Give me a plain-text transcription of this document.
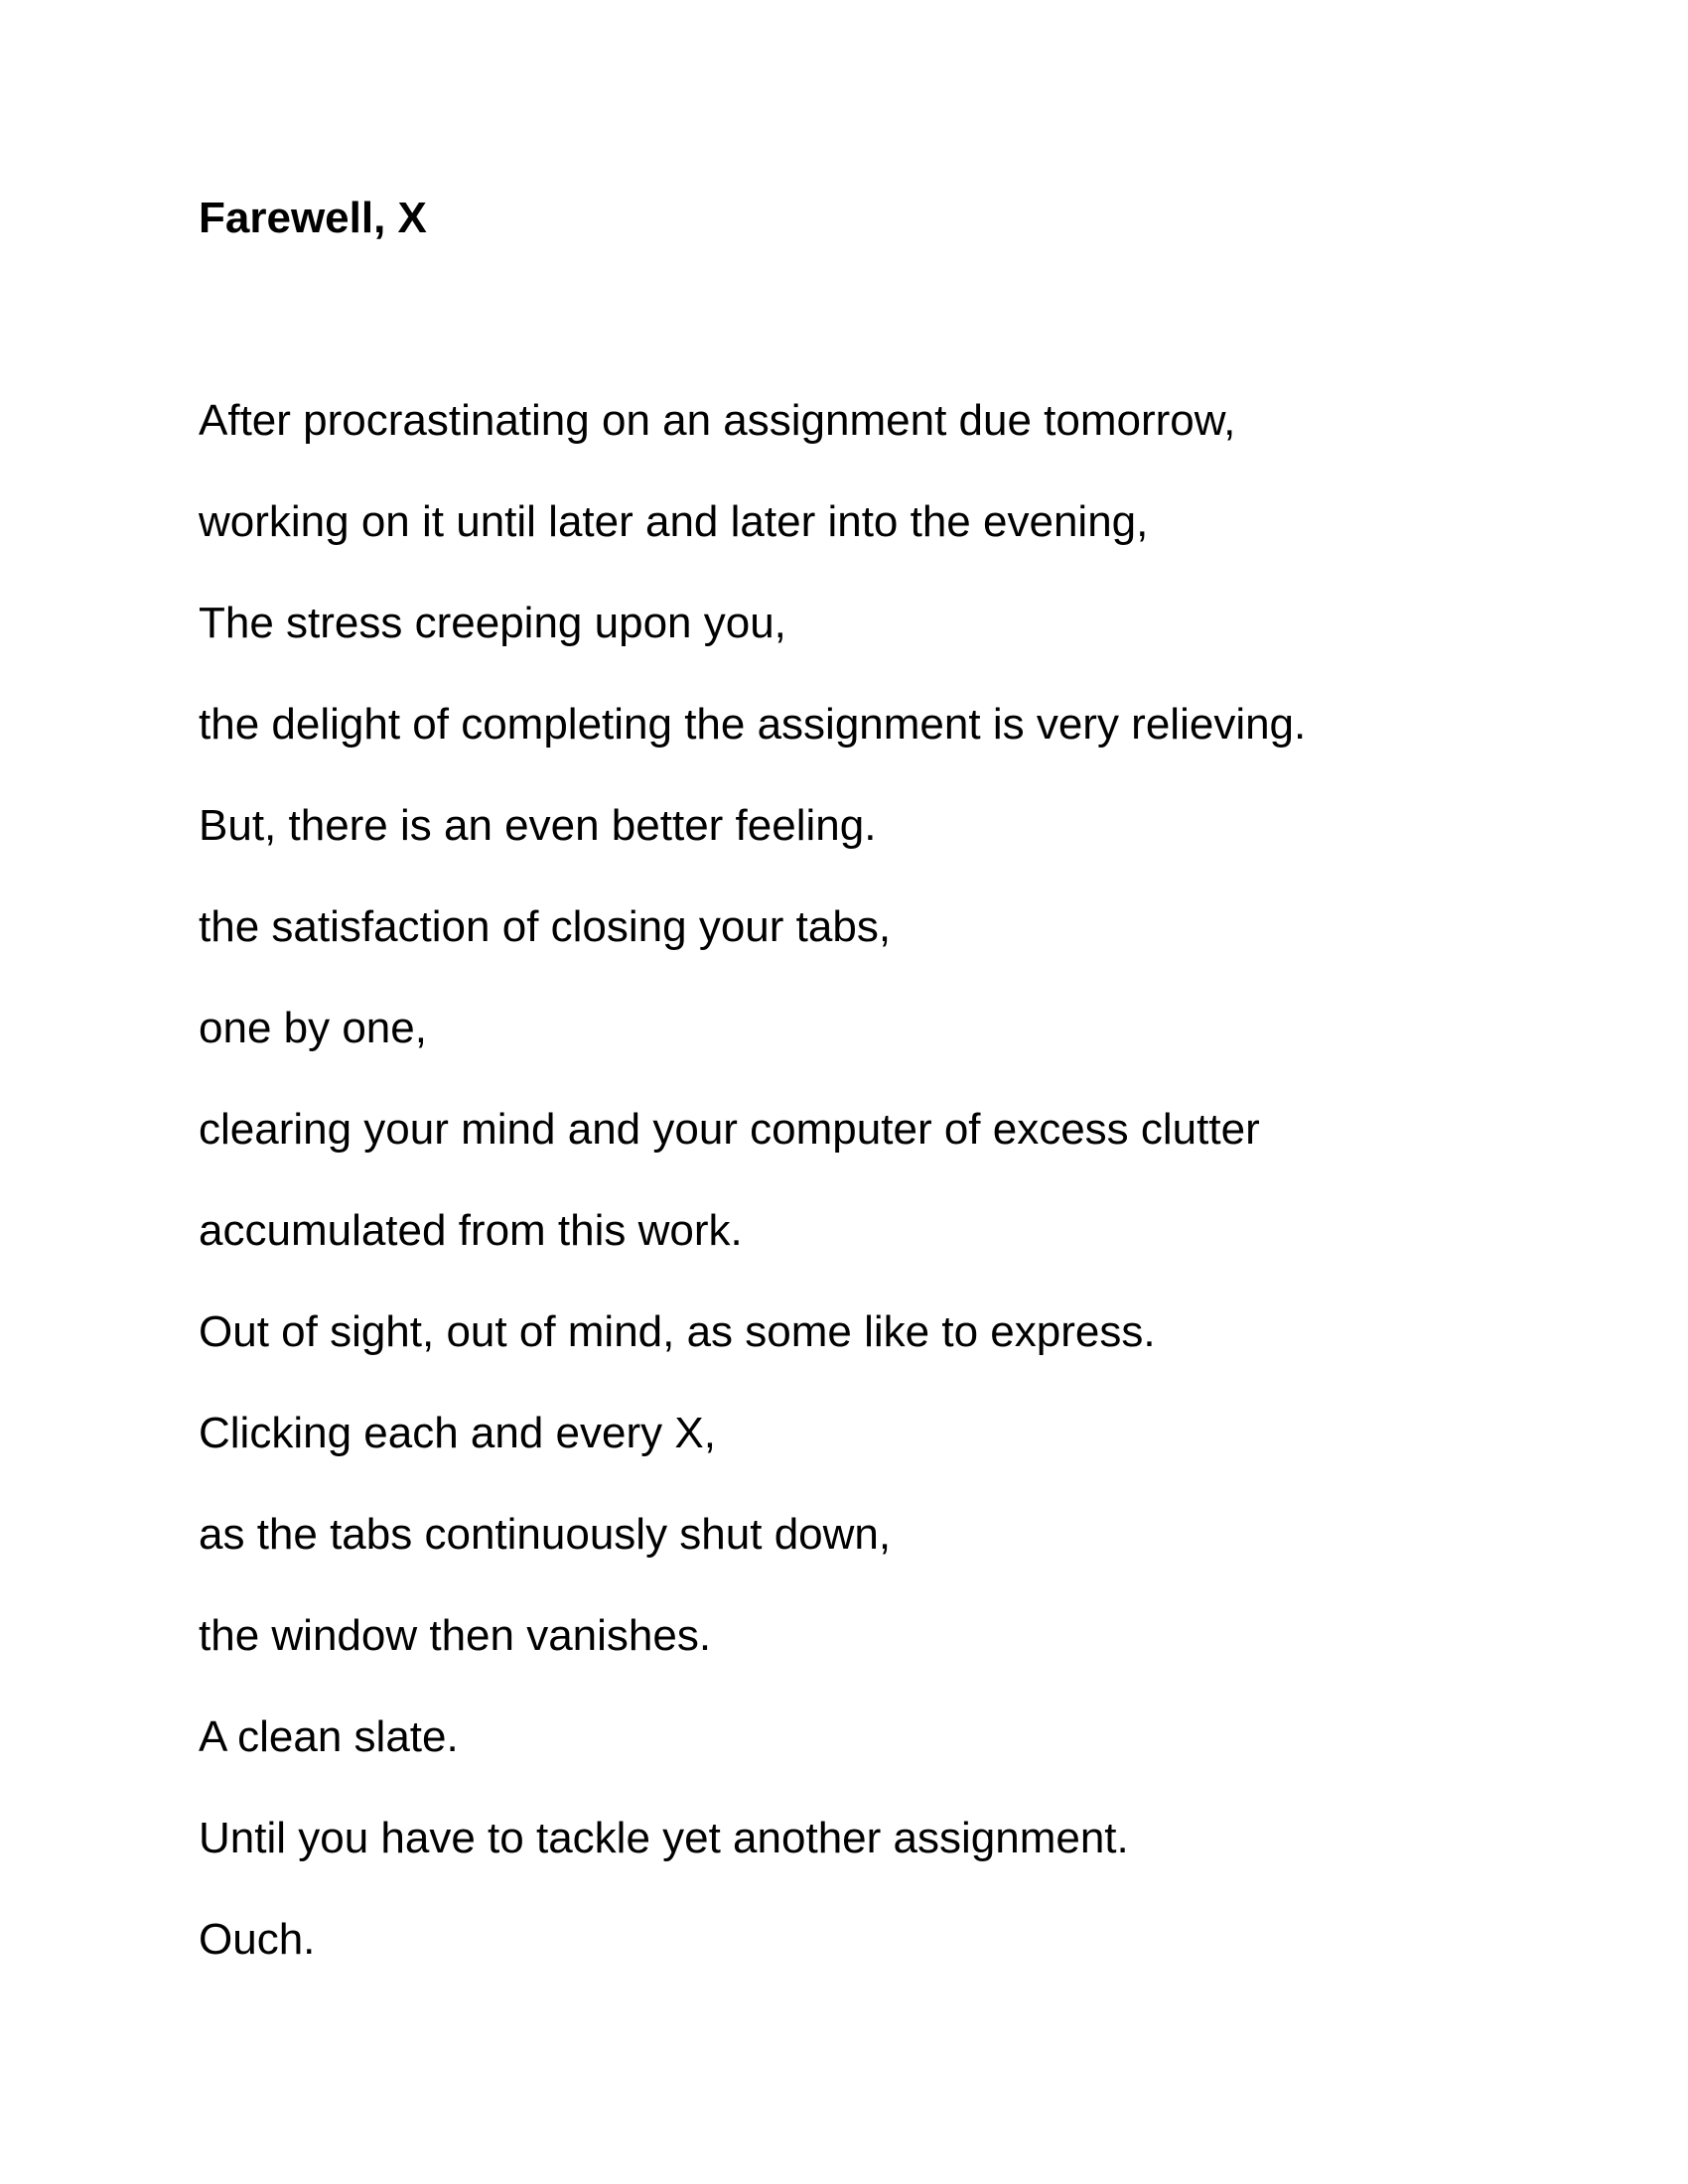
Farewell, X
After procrastinating on an assignment due tomorrow,
working on it until later and later into the evening,
The stress creeping upon you,
the delight of completing the assignment is very relieving.
But, there is an even better feeling.
the satisfaction of closing your tabs,
one by one,
clearing your mind and your computer of excess clutter
accumulated from this work.
Out of sight, out of mind, as some like to express.
Clicking each and every X,
as the tabs continuously shut down,
the window then vanishes.
A clean slate.
Until you have to tackle yet another assignment.
Ouch.
